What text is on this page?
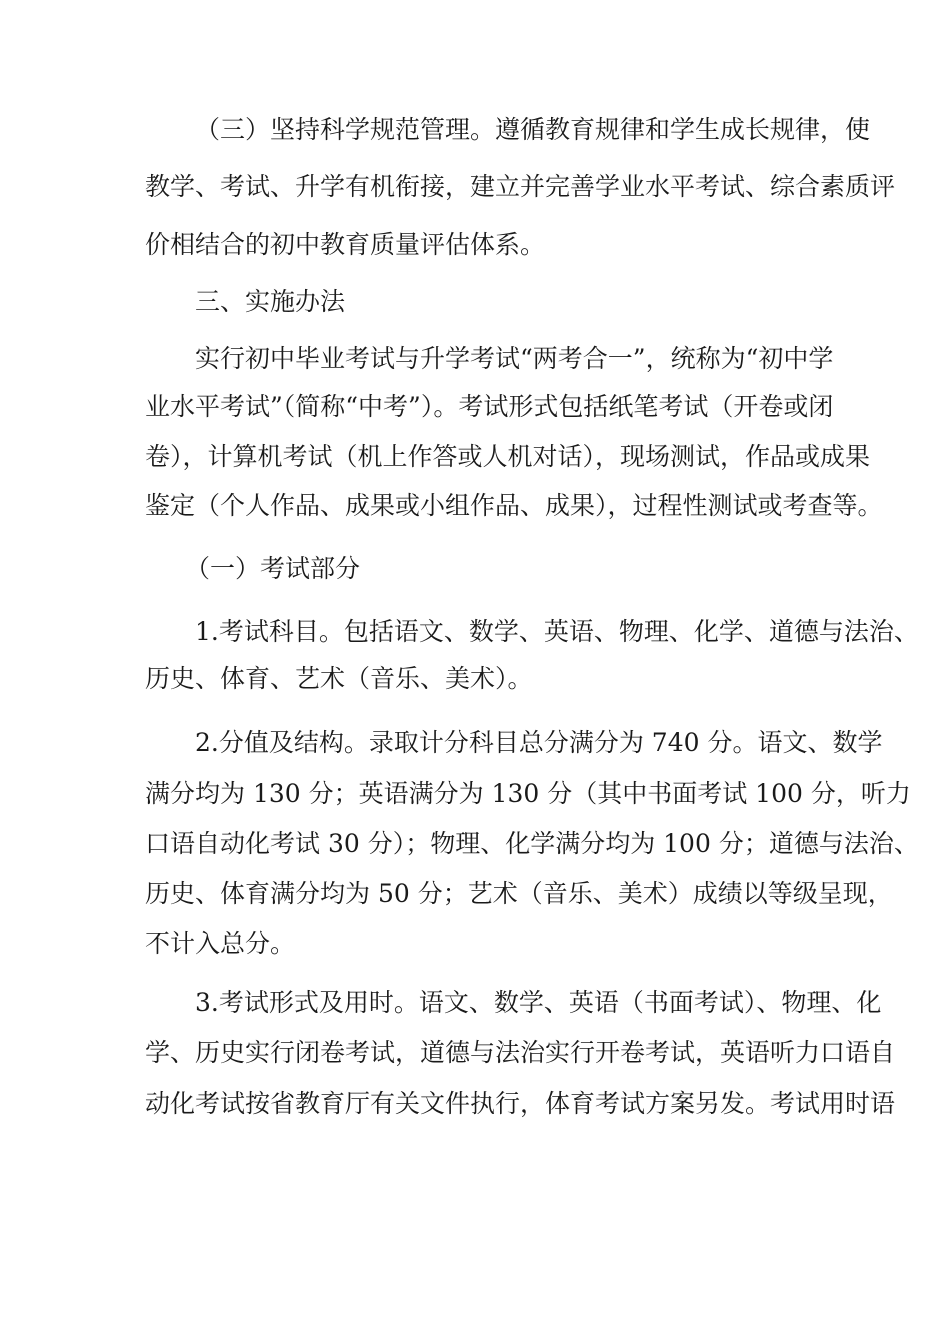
（三）坚持科学规范管理。遵循教育规律和学生成长规律，使
教学、考试、升学有机衔接，建立并完善学业水平考试、综合素质评
价相结合的初中教育质量评估体系。
三、实施办法
实行初中毕业考试与升学考试“两考合一”，统称为“初中学
业水平考试”（简称“中考”）。考试形式包括纸笔考试（开卷或闭
卷），计算机考试（机上作答或人机对话），现场测试，作品或成果
鉴定（个人作品、成果或小组作品、成果），过程性测试或考查等。
（一）考试部分
1.考试科目。包括语文、数学、英语、物理、化学、道德与法治、
历史、体育、艺术（音乐、美术）。
2.分值及结构。录取计分科目总分满分为 740 分。语文、数学
满分均为 130 分；英语满分为 130 分（其中书面考试 100 分，听力
口语自动化考试 30 分）；物理、化学满分均为 100 分；道德与法治、
历史、体育满分均为 50 分；艺术（音乐、美术）成绩以等级呈现，
不计入总分。
3.考试形式及用时。语文、数学、英语（书面考试）、物理、化
学、历史实行闭卷考试，道德与法治实行开卷考试，英语听力口语自
动化考试按省教育厅有关文件执行，体育考试方案另发。考试用时语
